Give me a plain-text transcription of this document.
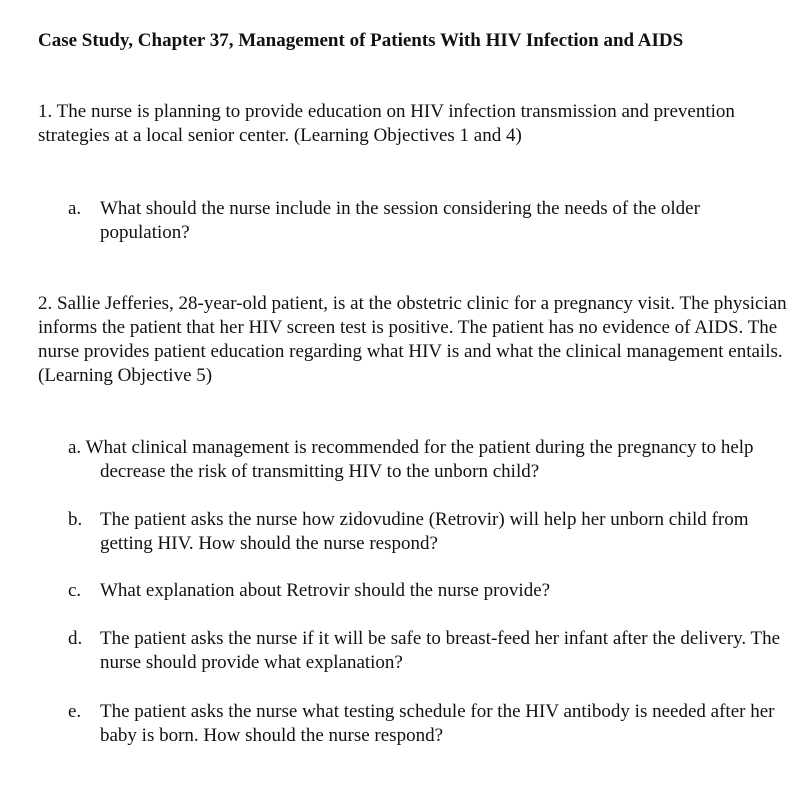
Case Study, Chapter 37, Management of Patients With HIV Infection and AIDS
1. The nurse is planning to provide education on HIV infection transmission and prevention strategies at a local senior center. (Learning Objectives 1 and 4)
a. What should the nurse include in the session considering the needs of the older population?
2. Sallie Jefferies, 28-year-old patient, is at the obstetric clinic for a pregnancy visit. The physician informs the patient that her HIV screen test is positive. The patient has no evidence of AIDS. The nurse provides patient education regarding what HIV is and what the clinical management entails. (Learning Objective 5)
a. What clinical management is recommended for the patient during the pregnancy to help decrease the risk of transmitting HIV to the unborn child?
b. The patient asks the nurse how zidovudine (Retrovir) will help her unborn child from getting HIV. How should the nurse respond?
c. What explanation about Retrovir should the nurse provide?
d. The patient asks the nurse if it will be safe to breast-feed her infant after the delivery. The nurse should provide what explanation?
e. The patient asks the nurse what testing schedule for the HIV antibody is needed after her baby is born. How should the nurse respond?
